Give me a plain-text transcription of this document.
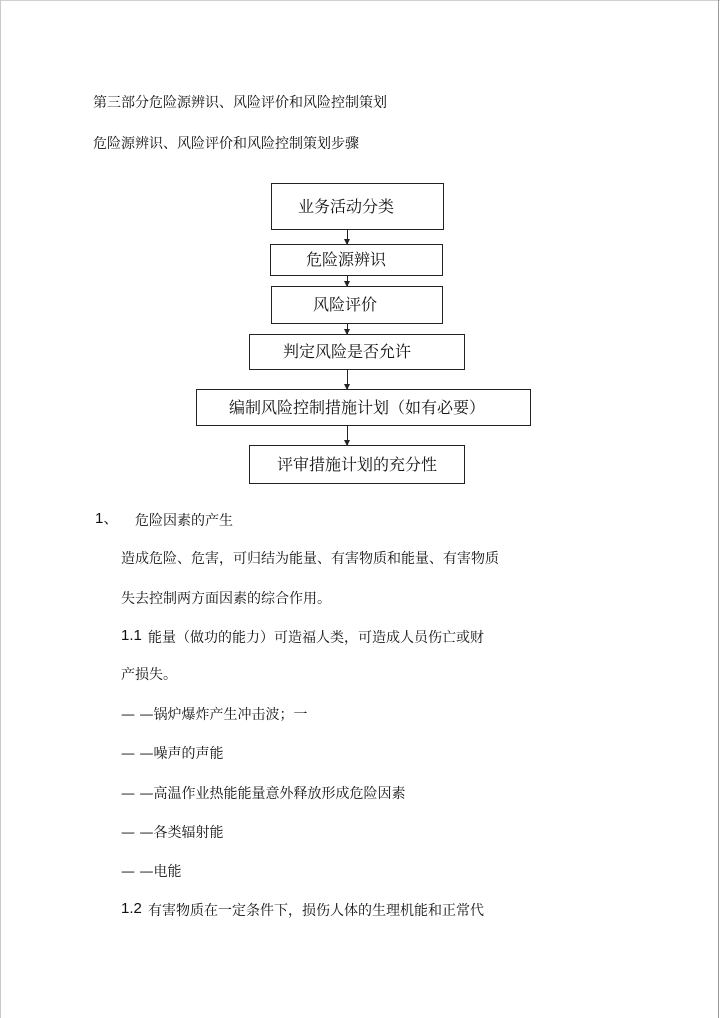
第三部分危险源辨识、风险评价和风险控制策划
危险源辨识、风险评价和风险控制策划步骤
业务活动分类
危险源辨识
风险评价
判定风险是否允许
编制风险控制措施计划（如有必要）
评审措施计划的充分性
1、 危险因素的产生
造成危险、危害，可归结为能量、有害物质和能量、有害物质
失去控制两方面因素的综合作用。
1.1 能量（做功的能力）可造福人类，可造成人员伤亡或财
产损失。
— —锅炉爆炸产生冲击波；一
— —噪声的声能
— —高温作业热能能量意外释放形成危险因素
— —各类辐射能
— —电能
1.2 有害物质在一定条件下，损伤人体的生理机能和正常代
